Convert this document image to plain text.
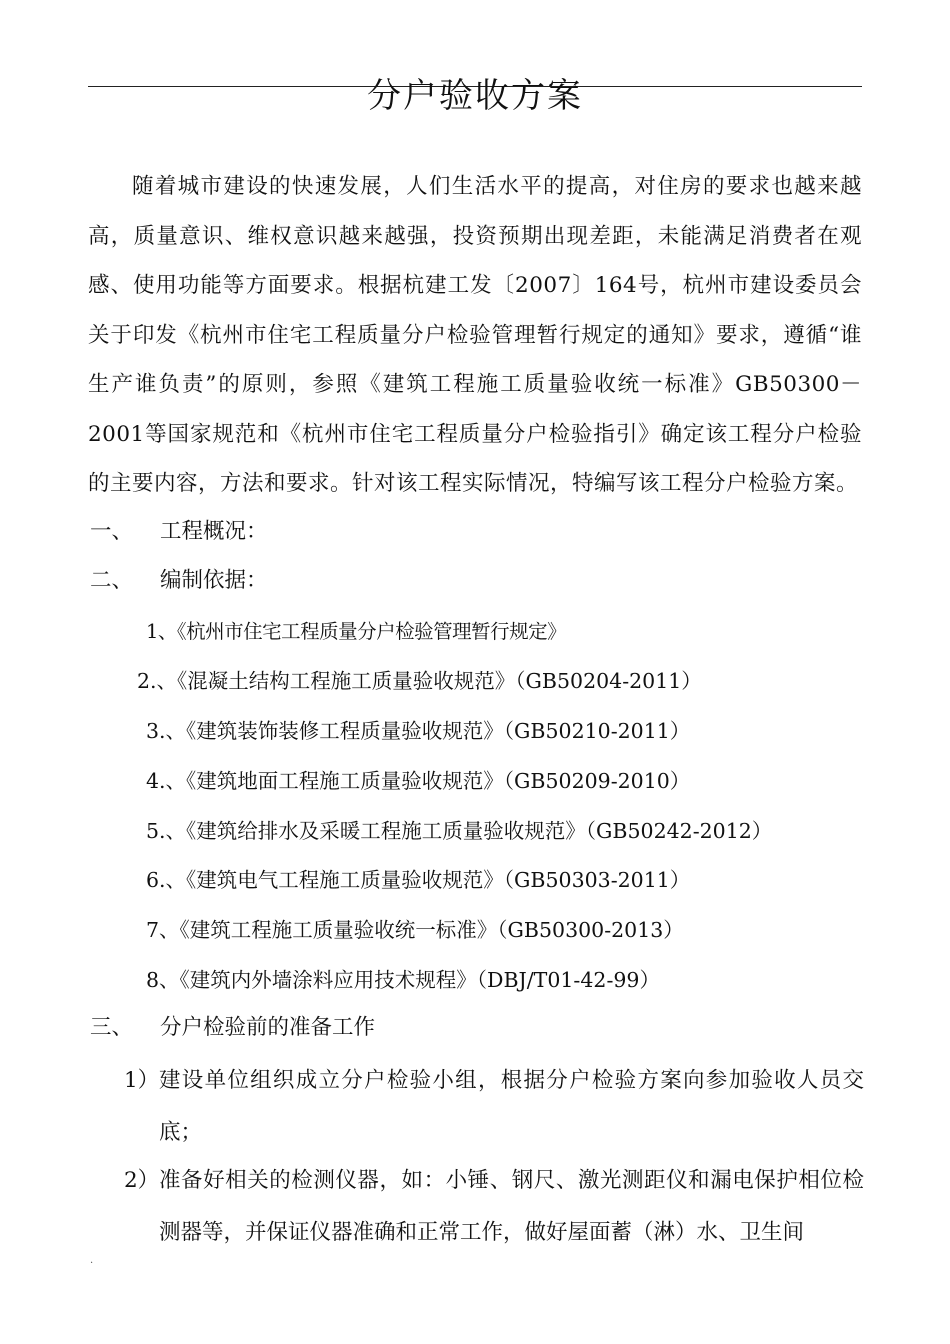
分户验收方案
随着城市建设的快速发展，人们生活水平的提高，对住房的要求也越来越高，质量意识、维权意识越来越强，投资预期出现差距，未能满足消费者在观感、使用功能等方面要求。根据杭建工发〔2007〕164号，杭州市建设委员会关于印发《杭州市住宅工程质量分户检验管理暂行规定的通知》要求，遵循“谁生产谁负责”的原则，参照《建筑工程施工质量验收统一标准》GB50300－2001等国家规范和《杭州市住宅工程质量分户检验指引》确定该工程分户检验的主要内容，方法和要求。针对该工程实际情况，特编写该工程分户检验方案。
一、 工程概况：
二、 编制依据：
1、《杭州市住宅工程质量分户检验管理暂行规定》
2.、《混凝土结构工程施工质量验收规范》（GB50204-2011）
3.、《建筑装饰装修工程质量验收规范》（GB50210-2011）
4.、《建筑地面工程施工质量验收规范》（GB50209-2010）
5.、《建筑给排水及采暖工程施工质量验收规范》（GB50242-2012）
6.、《建筑电气工程施工质量验收规范》（GB50303-2011）
7、《建筑工程施工质量验收统一标准》（GB50300-2013）
8、《建筑内外墙涂料应用技术规程》（DBJ/T01-42-99）
三、 分户检验前的准备工作
1） 建设单位组织成立分户检验小组，根据分户检验方案向参加验收人员交底；
2） 准备好相关的检测仪器，如：小锤、钢尺、激光测距仪和漏电保护相位检测器等，并保证仪器准确和正常工作，做好屋面蓄（淋）水、卫生间
.
